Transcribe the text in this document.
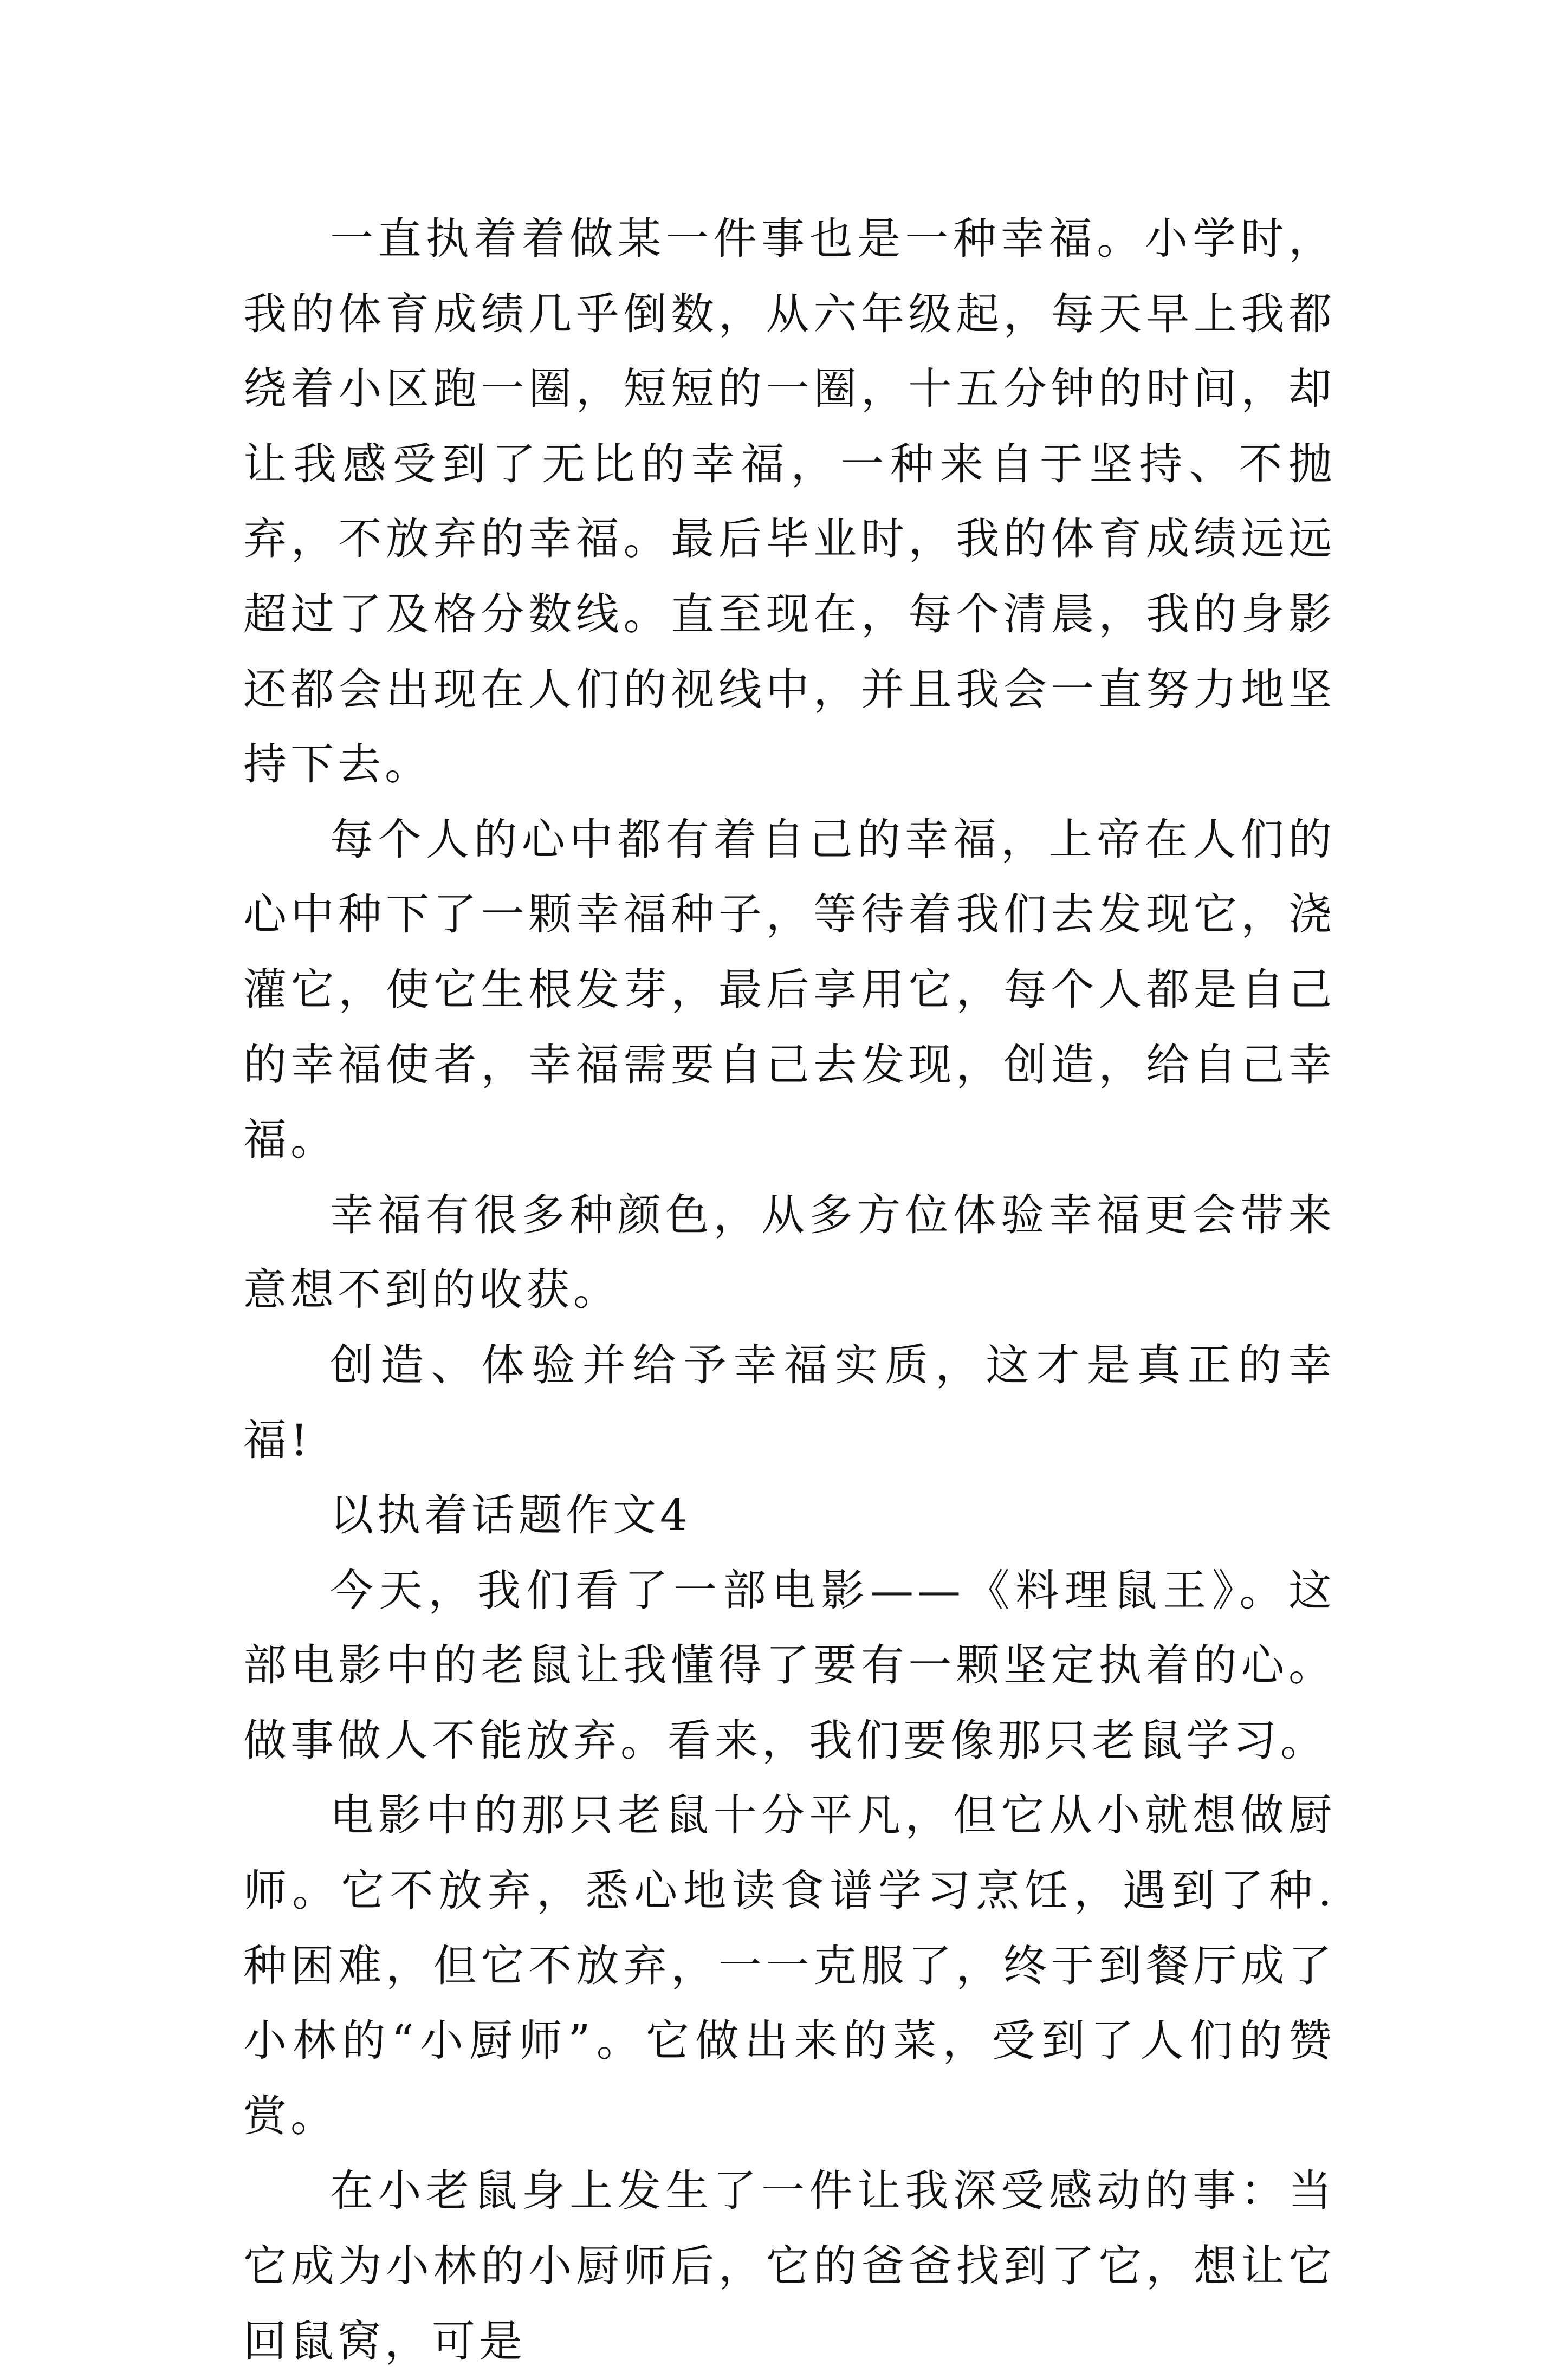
一直执着着做某一件事也是一种幸福。小学时，我的体育成绩几乎倒数，从六年级起，每天早上我都绕着小区跑一圈，短短的一圈，十五分钟的时间，却让我感受到了无比的幸福，一种来自于坚持、不抛弃，不放弃的幸福。最后毕业时，我的体育成绩远远超过了及格分数线。直至现在，每个清晨，我的身影还都会出现在人们的视线中，并且我会一直努力地坚持下去。

每个人的心中都有着自己的幸福，上帝在人们的心中种下了一颗幸福种子，等待着我们去发现它，浇灌它，使它生根发芽，最后享用它，每个人都是自己的幸福使者，幸福需要自己去发现，创造，给自己幸福。

幸福有很多种颜色，从多方位体验幸福更会带来意想不到的收获。

创造、体验并给予幸福实质，这才是真正的幸福!

以执着话题作文4

今天，我们看了一部电影——《料理鼠王》。这部电影中的老鼠让我懂得了要有一颗坚定执着的心。做事做人不能放弃。看来，我们要像那只老鼠学习。

电影中的那只老鼠十分平凡，但它从小就想做厨师。它不放弃，悉心地读食谱学习烹饪，遇到了种.种困难，但它不放弃，一一克服了，终于到餐厅成了小林的“小厨师”。它做出来的菜，受到了人们的赞赏。

在小老鼠身上发生了一件让我深受感动的事：当它成为小林的小厨师后，它的爸爸找到了它，想让它回鼠窝，可是
